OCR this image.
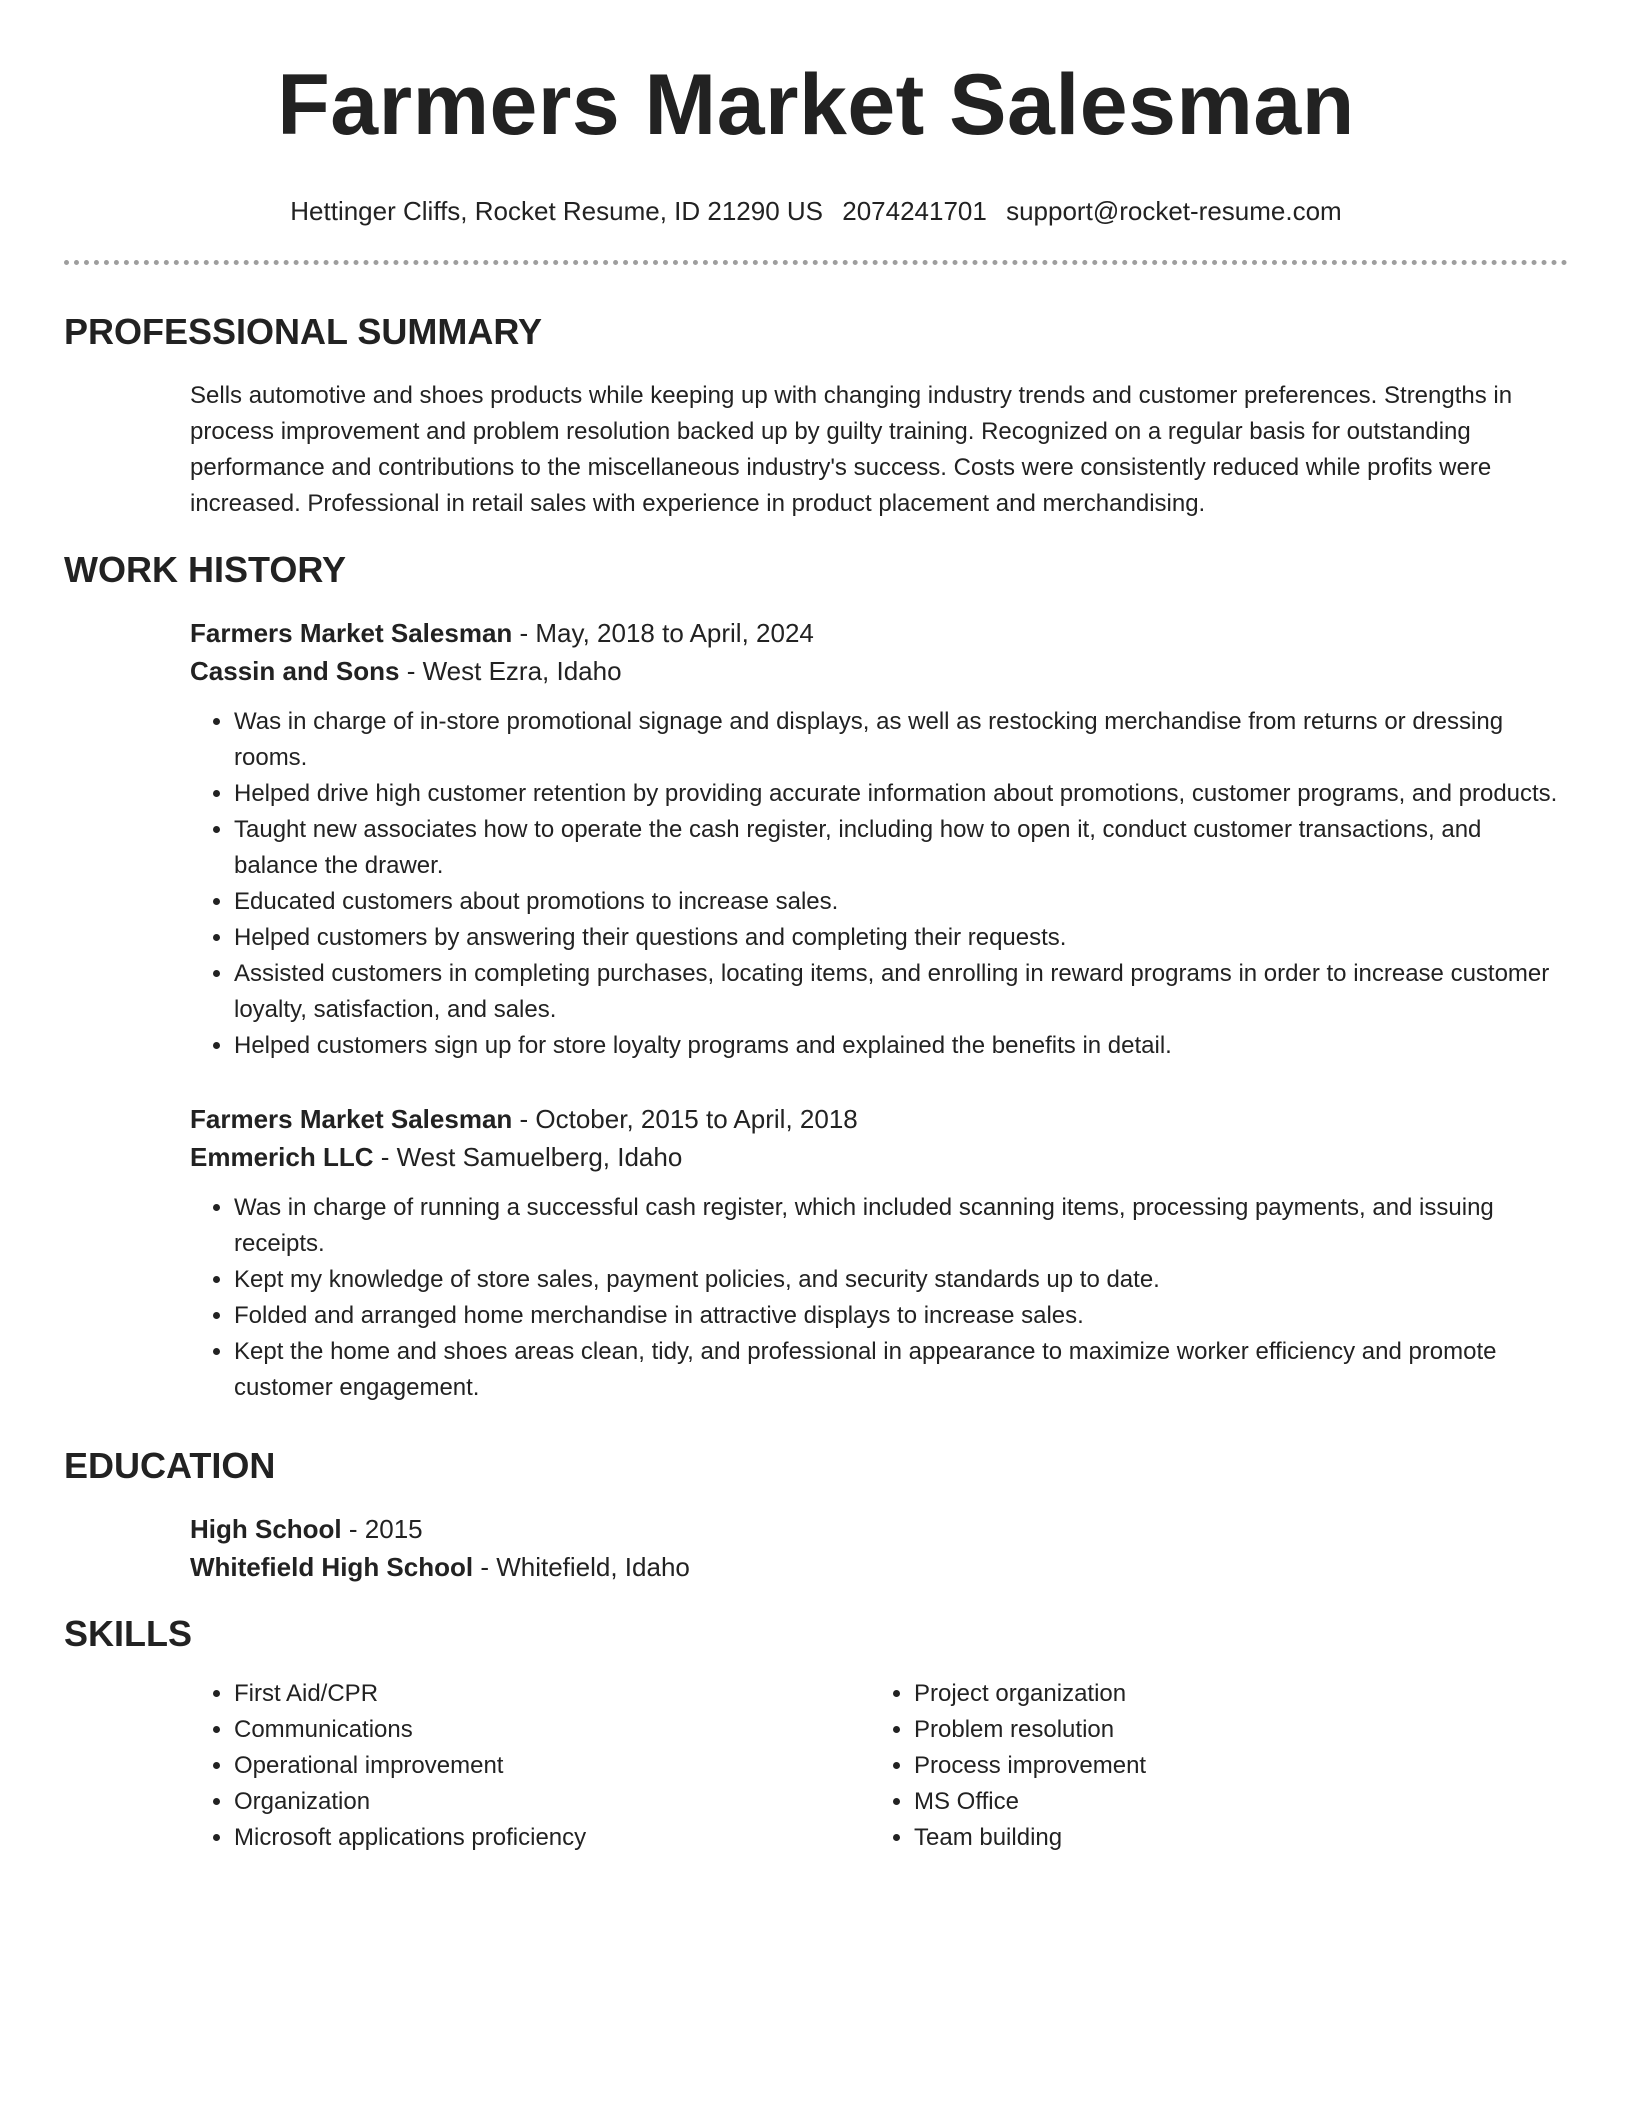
Farmers Market Salesman
Hettinger Cliffs, Rocket Resume, ID 21290 US 2074241701 support@rocket-resume.com
PROFESSIONAL SUMMARY
Sells automotive and shoes products while keeping up with changing industry trends and customer preferences. Strengths in process improvement and problem resolution backed up by guilty training. Recognized on a regular basis for outstanding performance and contributions to the miscellaneous industry's success. Costs were consistently reduced while profits were increased. Professional in retail sales with experience in product placement and merchandising.
WORK HISTORY
Farmers Market Salesman - May, 2018 to April, 2024
Cassin and Sons - West Ezra, Idaho
• Was in charge of in-store promotional signage and displays, as well as restocking merchandise from returns or dressing rooms.
• Helped drive high customer retention by providing accurate information about promotions, customer programs, and products.
• Taught new associates how to operate the cash register, including how to open it, conduct customer transactions, and balance the drawer.
• Educated customers about promotions to increase sales.
• Helped customers by answering their questions and completing their requests.
• Assisted customers in completing purchases, locating items, and enrolling in reward programs in order to increase customer loyalty, satisfaction, and sales.
• Helped customers sign up for store loyalty programs and explained the benefits in detail.
Farmers Market Salesman - October, 2015 to April, 2018
Emmerich LLC - West Samuelberg, Idaho
• Was in charge of running a successful cash register, which included scanning items, processing payments, and issuing receipts.
• Kept my knowledge of store sales, payment policies, and security standards up to date.
• Folded and arranged home merchandise in attractive displays to increase sales.
• Kept the home and shoes areas clean, tidy, and professional in appearance to maximize worker efficiency and promote customer engagement.
EDUCATION
High School - 2015
Whitefield High School - Whitefield, Idaho
SKILLS
• First Aid/CPR
• Communications
• Operational improvement
• Organization
• Microsoft applications proficiency
• Project organization
• Problem resolution
• Process improvement
• MS Office
• Team building
